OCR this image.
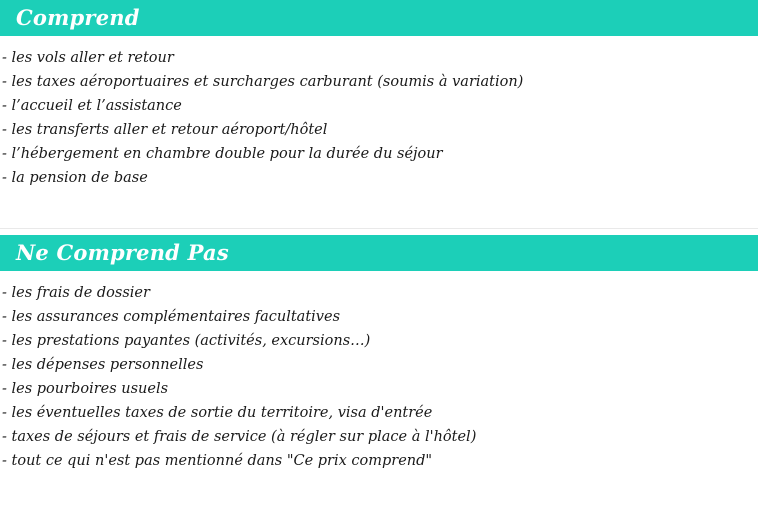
Comprend
- les vols aller et retour
- les taxes aéroportuaires et surcharges carburant (soumis à variation)
- l’accueil et l’assistance
- les transferts aller et retour aéroport/hôtel
- l’hébergement en chambre double pour la durée du séjour
- la pension de base
Ne Comprend Pas
- les frais de dossier
- les assurances complémentaires facultatives
- les prestations payantes (activités, excursions…)
- les dépenses personnelles
- les pourboires usuels
- les éventuelles taxes de sortie du territoire, visa d'entrée
- taxes de séjours et frais de service (à régler sur place à l'hôtel)
- tout ce qui n'est pas mentionné dans "Ce prix comprend"
